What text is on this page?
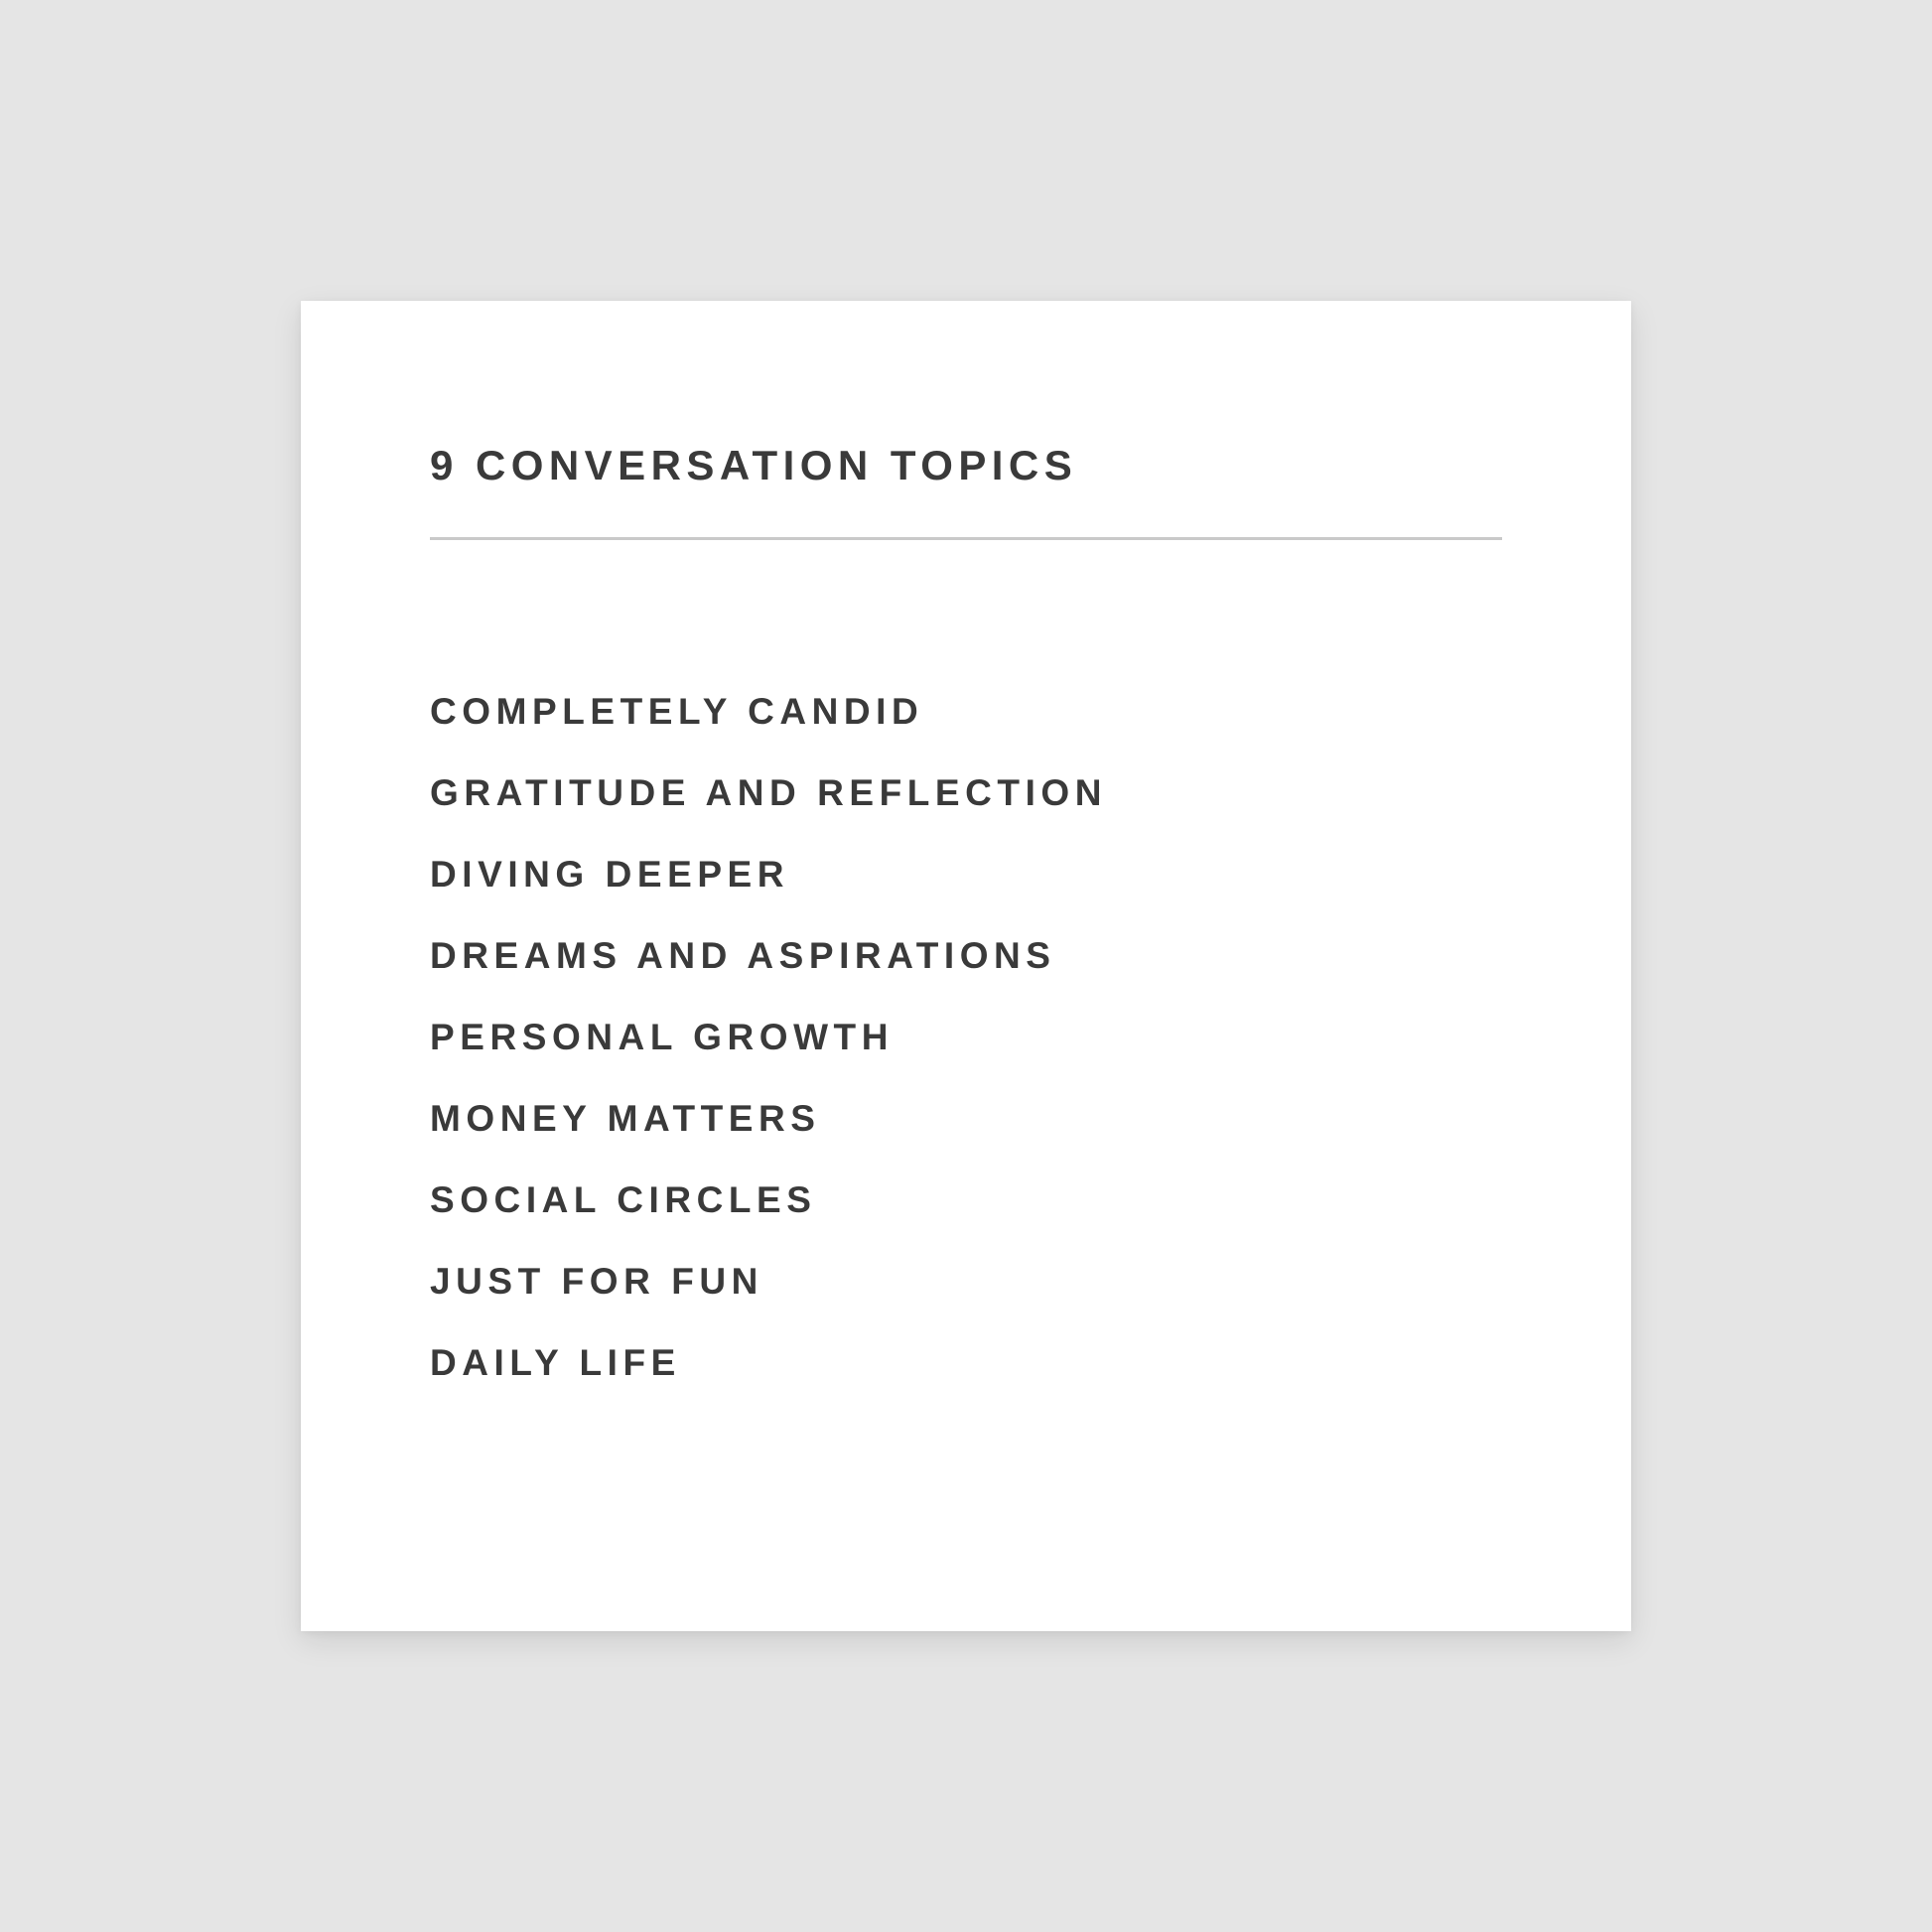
9 CONVERSATION TOPICS
COMPLETELY CANDID
GRATITUDE AND REFLECTION
DIVING DEEPER
DREAMS AND ASPIRATIONS
PERSONAL GROWTH
MONEY MATTERS
SOCIAL CIRCLES
JUST FOR FUN
DAILY LIFE
